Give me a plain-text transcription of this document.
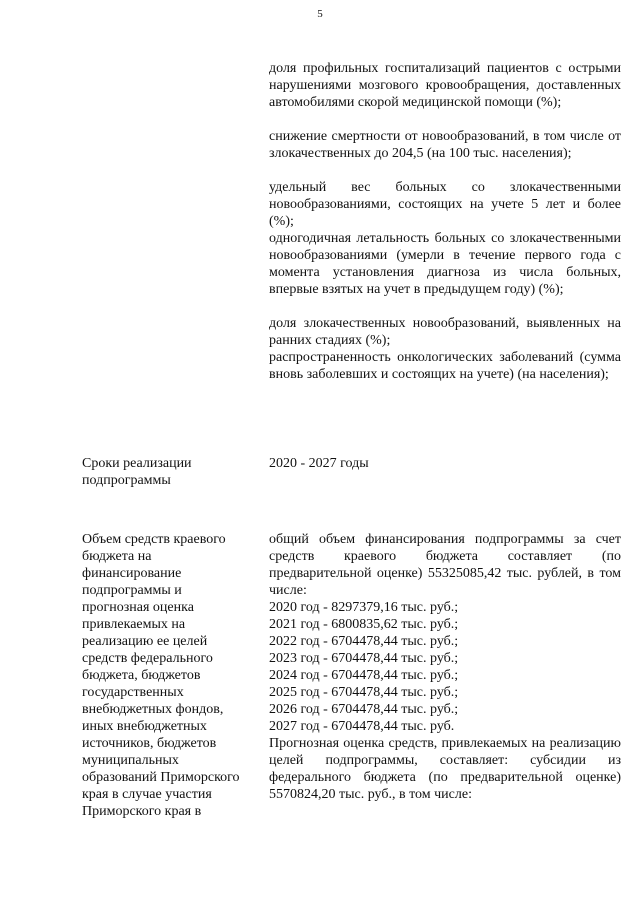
5
доля профильных госпитализаций пациентов с острыми нарушениями мозгового кровообращения, доставленных автомобилями скорой медицинской помощи (%);
снижение смертности от новообразований, в том числе от злокачественных до 204,5 (на 100 тыс. населения);
удельный вес больных со злокачественными новообразованиями, состоящих на учете 5 лет и более (%);
одногодичная летальность больных со злокачественными новообразованиями (умерли в течение первого года с момента установления диагноза из числа больных, впервые взятых на учет в предыдущем году) (%);
доля злокачественных новообразований, выявленных на ранних стадиях (%);
распространенность онкологических заболеваний (сумма вновь заболевших и состоящих на учете) (на населения);
Сроки реализации подпрограммы
2020 - 2027 годы
Объем средств краевого
бюджета на
финансирование
подпрограммы и
прогнозная оценка
привлекаемых на
реализацию ее целей
средств федерального
бюджета, бюджетов
государственных
внебюджетных фондов,
иных внебюджетных
источников, бюджетов
муниципальных
образований Приморского
края в случае участия
Приморского края в
общий объем финансирования подпрограммы за счет средств краевого бюджета составляет (по предварительной оценке) 55325085,42 тыс. рублей, в том числе:
2020 год - 8297379,16 тыс. руб.;
2021 год - 6800835,62 тыс. руб.;
2022 год - 6704478,44 тыс. руб.;
2023 год - 6704478,44 тыс. руб.;
2024 год - 6704478,44 тыс. руб.;
2025 год - 6704478,44 тыс. руб.;
2026 год - 6704478,44 тыс. руб.;
2027 год - 6704478,44 тыс. руб.
Прогнозная оценка средств, привлекаемых на реализацию целей подпрограммы, составляет: субсидии из федерального бюджета (по предварительной оценке) 5570824,20 тыс. руб., в том числе:
